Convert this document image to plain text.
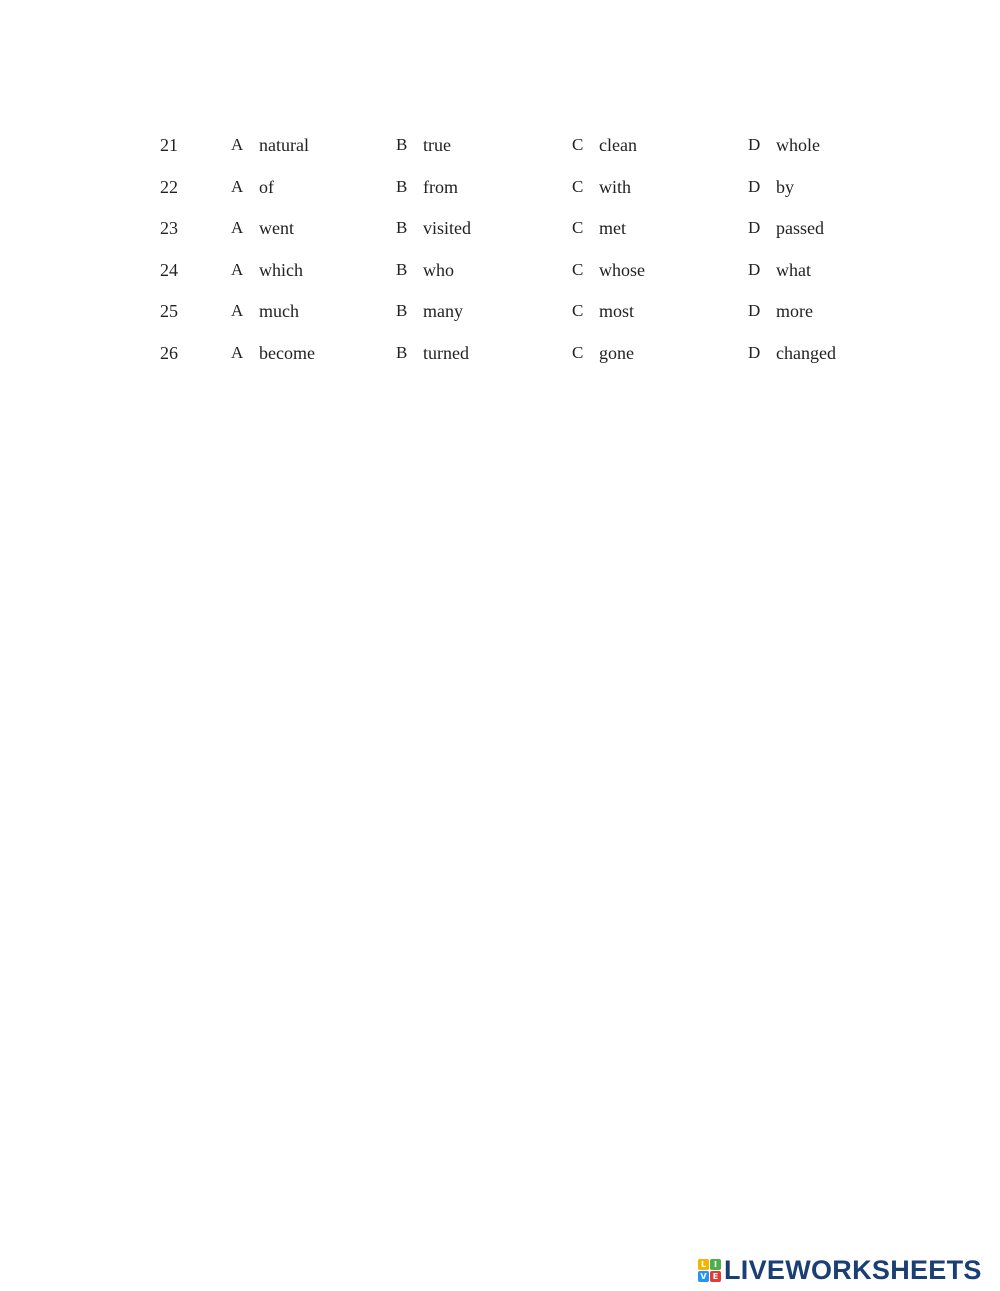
21	A natural	B true	C clean	D whole
22	A of	B from	C with	D by
23	A went	B visited	C met	D passed
24	A which	B who	C whose	D what
25	A much	B many	C most	D more
26	A become	B turned	C gone	D changed
L I
V E LIVEWORKSHEETS
